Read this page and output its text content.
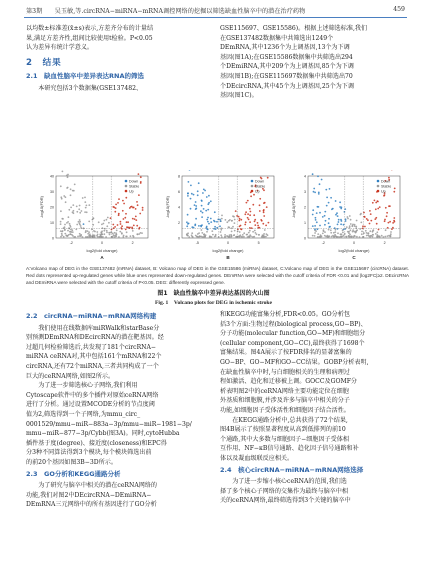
第3期　　吴玉敏,等.circRNA−miRNA−mRNA调控网络的挖掘以筛选缺血性脑卒中的潜在治疗药物	459

以均数±标准差(x̄±s)表示,方差齐分布的计量结

果,满足方差齐性,组间比较使用t检验。P<0.05

认为差异有统计学意义。

2　结果
2.1　缺血性脑卒中差异表达RNA的筛选

本研究包括3个数据集(GSE137482、

GSE115697、GSE15586)。根据上述筛选标准,我们

在GSE137482数据集中共筛选出1249个

DEmRNA,其中1236个为上调基因,13个为下调

基因(图1A);在GSE15586数据集中共筛选出294

个DEmiRNA,其中209个为上调基因,85个为下调

基因(图1B);在GSE115697数据集中共筛选出70

个DEcircRNA,其中45个为上调基因,25个为下调

基因(图1C)。

-log10(FDR)
log2(fold change)
0
10
20
30
40
-2	0	2
Down
Stable
Up
A
-log10(FDR)
log2(fold change)
0
2
4
6
8
-5	0	5
Down
Stable
Up
B
-log10(FDR)
log2(fold change)
0
1
2
3
4
-2	0	2
Down
Stable
Up
C
A:Volcano map of DEG in the GSE137482 (mRNA) dataset, B: Volcano map of DEG in the GSE15586 (miRNA) dataset, C:Volcano map of DEG in the GSE115697 (circRNA) dataset. Red dots represented up-regulated genes while blue ones represented down-regulated genes. DEmRNA were selected with the cutoff criteria of FDR <0.01 and |log2FC|≥2. DEcircRNA and DEmiRNA were selected with the cutoff criteria of P<0.05. DEG: differently expressed gene.
图1　缺血性脑卒中差异表达基因的火山图
Fig. 1　Volcano plots for DEG in ischemic stroke
2.2　circRNA−miRNA−mRNA网络构建

我们使用在线数据库miRWalk和starBase分

别预测DEmRNA和DEcircRNA的潜在靶基因。经

过超几何检验筛选后,共发现了181个circRNA−

miRNA ceRNA对,其中包括161个mRNA和22个

circRNA,还有72个miRNA,三者共同构成了一个

巨大的ceRNA网络,如图2所示。

为了进一步筛选核心子网络,我们利用

Cytoscape软件中的多个插件对原始ceRNA网络

进行了分析。通过设置MCODE分析的节点度阈

值为2,筛选得到一个子网络,为mmu_circ_

0001529/mmu−miR−883a−3p/mmu−miR−1981−3p/

mmu−miR−877−3p/Cybb(图3A)。同时,cytoHubba

插件基于度(degree)、接近度(closeness)和EPC得

分3种不同算法得到3个模块,每个模块筛选出前

的前20个基因如图3B−3D所示。

2.3　GO分析和KEGG通路分析

为了研究与脑卒中相关的潜在ceRNA网络的

功能,我们对图2中DEcircRNA−DEmiRNA−

DEmRNA三元网络中的所有基因进行了GO分析

和KEGG功能富集分析,FDR<0.05。GO分析包

括3个方面:生物过程(biological process,GO−BP)、

分子功能(molecular function,GO−MF)和细胞组分

(cellular component,GO−CC),最终获得了1698个

富集结果。图4A展示了按FDR排名的显著富集的

GO−BP、GO−MF和GO−CC结果。GOBP分析表明,

在缺血性脑卒中时,与白细胞相关的生理和病理过

程如激活、趋化和迁移被上调。GOCC及GOMF分

析表明图2中的ceRNA网络主要功能定位在细胞

外基质和细胞膜,并涉及许多与脑卒中相关的分子

功能,如细胞因子受体活性和细胞因子结合活性。

在KEGG通路分析中,总共获得了72个结果,

图4B展示了按照显著程度从高到低排列的前10

个通路,其中大多数与细胞因子−细胞因子受体相

互作用、NF−κB信号通路、趋化因子信号通路和补

体以及凝血级联反应相关。

2.4　核心circRNA−miRNA−mRNA网络选择

为了进一步缩小核心ceRNA的范围,我们选

择了多个核心子网络的交集作为最终与脑卒中相

关的ceRNA网络,最终筛选得到3个关键的脑卒中
